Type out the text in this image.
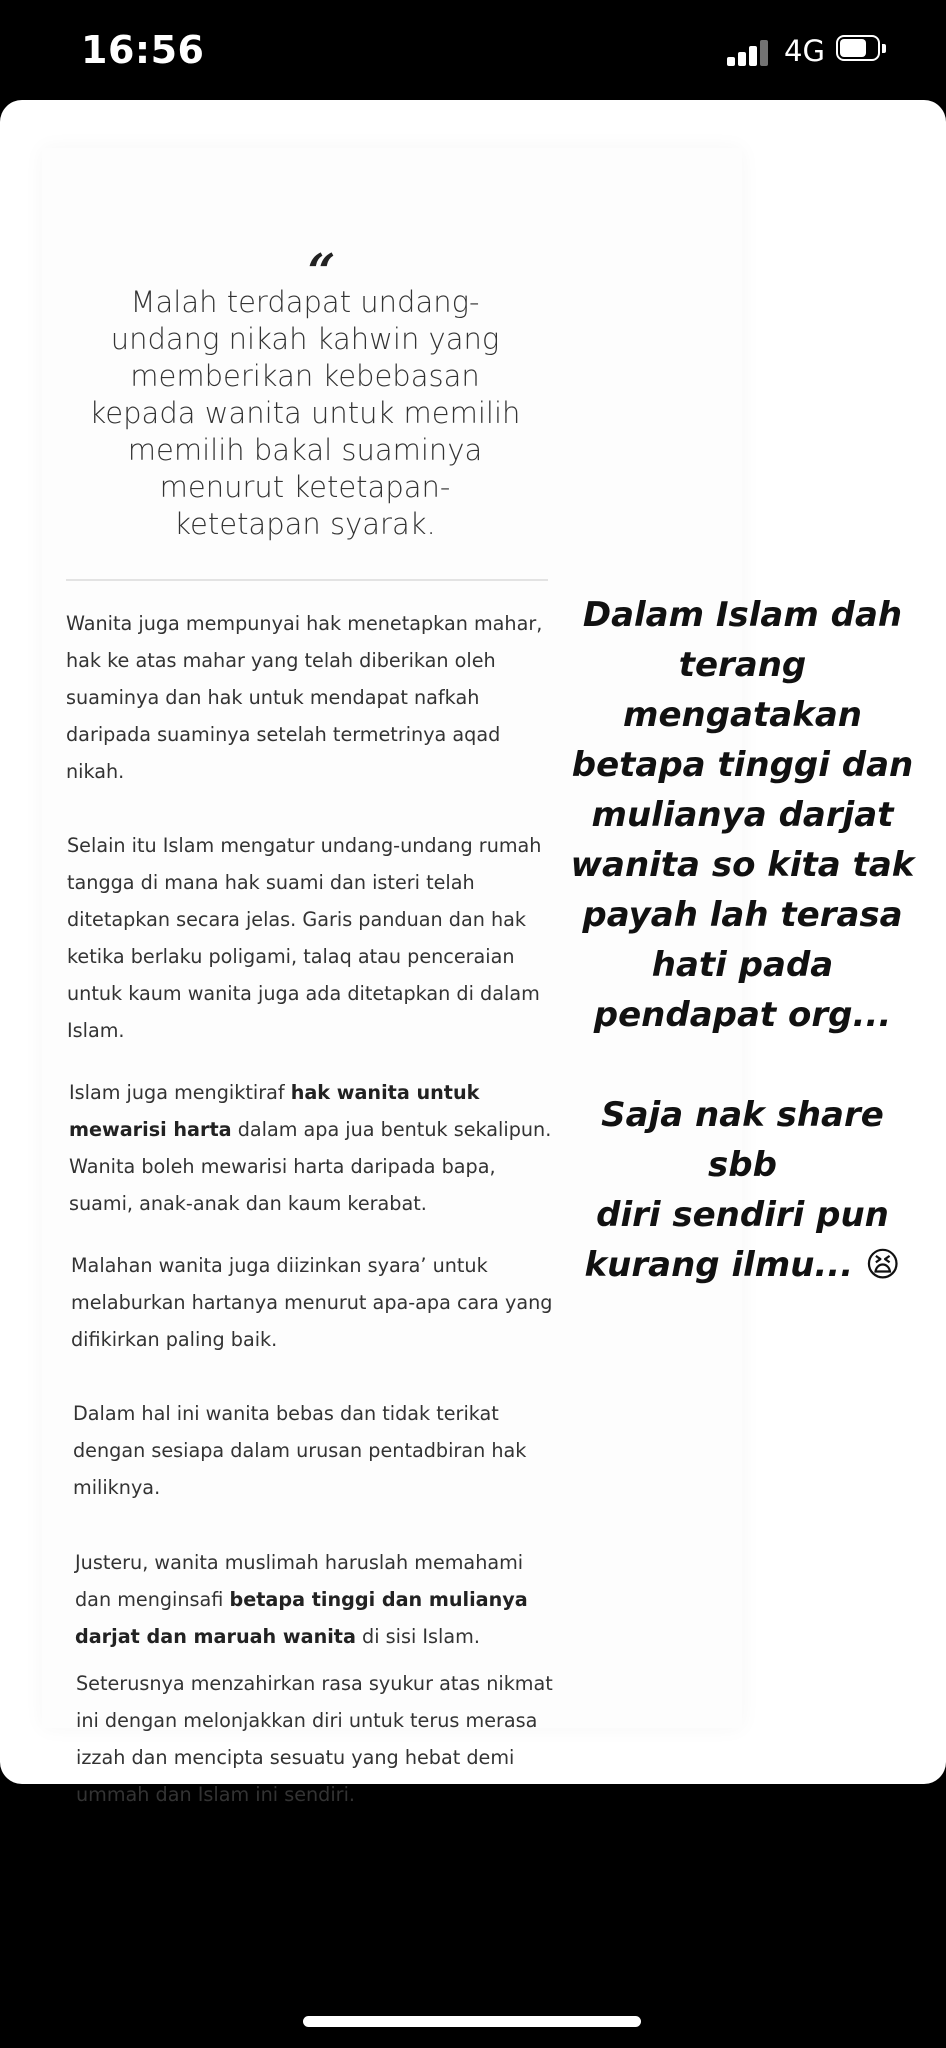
16:56	4G
“

Malah terdapat undang-
undang nikah kahwin yang
memberikan kebebasan
kepada wanita untuk memilih
memilih bakal suaminya
menurut ketetapan-
ketetapan syarak.

Wanita juga mempunyai hak menetapkan mahar,
hak ke atas mahar yang telah diberikan oleh
suaminya dan hak untuk mendapat nafkah
daripada suaminya setelah termetrinya aqad
nikah.

Selain itu Islam mengatur undang-undang rumah
tangga di mana hak suami dan isteri telah
ditetapkan secara jelas. Garis panduan dan hak
ketika berlaku poligami, talaq atau penceraian
untuk kaum wanita juga ada ditetapkan di dalam
Islam.

Islam juga mengiktiraf hak wanita untuk
mewarisi harta dalam apa jua bentuk sekalipun.
Wanita boleh mewarisi harta daripada bapa,
suami, anak-anak dan kaum kerabat.

Malahan wanita juga diizinkan syara’ untuk
melaburkan hartanya menurut apa-apa cara yang
difikirkan paling baik.

Dalam hal ini wanita bebas dan tidak terikat
dengan sesiapa dalam urusan pentadbiran hak
miliknya.

Justeru, wanita muslimah haruslah memahami
dan menginsafi betapa tinggi dan mulianya
darjat dan maruah wanita di sisi Islam.

Seterusnya menzahirkan rasa syukur atas nikmat
ini dengan melonjakkan diri untuk terus merasa
izzah dan mencipta sesuatu yang hebat demi
ummah dan Islam ini sendiri.

Dalam Islam dah
terang
mengatakan
betapa tinggi dan
mulianya darjat
wanita so kita tak
payah lah terasa
hati pada
pendapat org...
Saja nak share sbb
diri sendiri pun
kurang ilmu... 😫
